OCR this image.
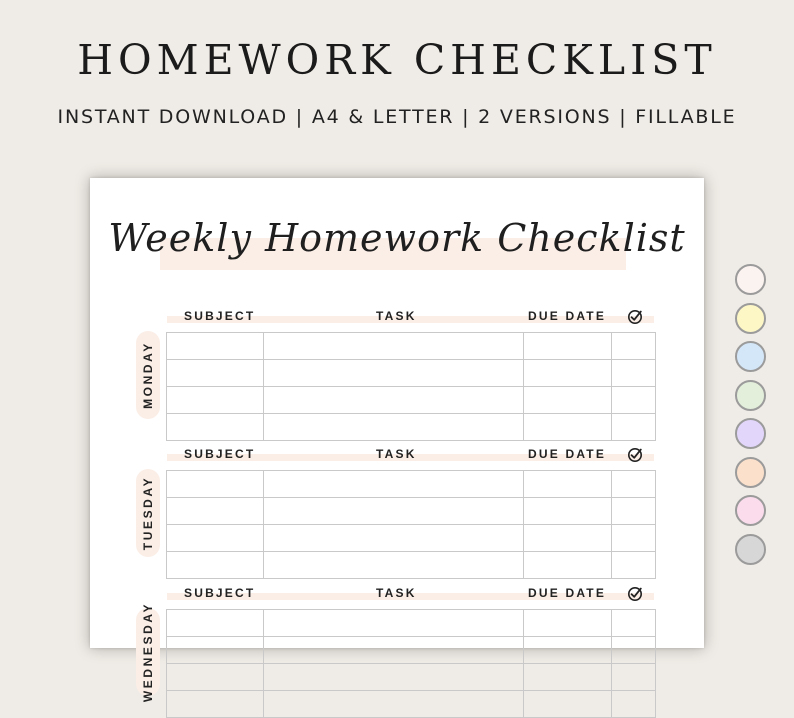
HOMEWORK CHECKLIST
INSTANT DOWNLOAD | A4 & LETTER | 2 VERSIONS | FILLABLE
Weekly Homework Checklist
SUBJECT	TASK	DUE DATE
MONDAY

SUBJECT	TASK	DUE DATE
TUESDAY

SUBJECT	TASK	DUE DATE
WEDNESDAY
